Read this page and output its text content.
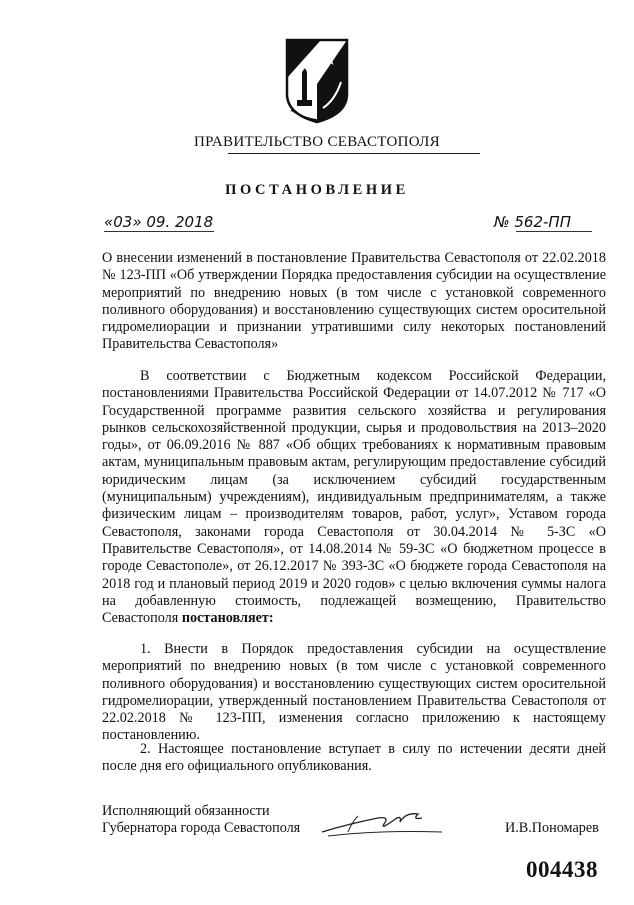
ПРАВИТЕЛЬСТВО СЕВАСТОПОЛЯ
ПОСТАНОВЛЕНИЕ
«03» 09. 2018	№ 562-ПП
О внесении изменений в постановление Правительства Севастополя от 22.02.2018 № 123-ПП «Об утверждении Порядка предоставления субсидии на осуществление мероприятий по внедрению новых (в том числе с установкой современного поливного оборудования) и восстановлению существующих систем оросительной гидромелиорации и признании утратившими силу некоторых постановлений Правительства Севастополя»
В соответствии с Бюджетным кодексом Российской Федерации, постановлениями Правительства Российской Федерации от 14.07.2012 № 717 «О Государственной программе развития сельского хозяйства и регулирования рынков сельскохозяйственной продукции, сырья и продовольствия на 2013–2020 годы», от 06.09.2016 № 887 «Об общих требованиях к нормативным правовым актам, муниципальным правовым актам, регулирующим предоставление субсидий юридическим лицам (за исключением субсидий государственным (муниципальным) учреждениям), индивидуальным предпринимателям, а также физическим лицам – производителям товаров, работ, услуг», Уставом города Севастополя, законами города Севастополя от 30.04.2014 № 5-ЗС «О Правительстве Севастополя», от 14.08.2014 № 59-ЗС «О бюджетном процессе в городе Севастополе», от 26.12.2017 № 393-ЗС «О бюджете города Севастополя на 2018 год и плановый период 2019 и 2020 годов» с целью включения суммы налога на добавленную стоимость, подлежащей возмещению, Правительство Севастополя постановляет:
1. Внести в Порядок предоставления субсидии на осуществление мероприятий по внедрению новых (в том числе с установкой современного поливного оборудования) и восстановлению существующих систем оросительной гидромелиорации, утвержденный постановлением Правительства Севастополя от 22.02.2018 № 123-ПП, изменения согласно приложению к настоящему постановлению.
2. Настоящее постановление вступает в силу по истечении десяти дней после дня его официального опубликования.
Исполняющий обязанности
Губернатора города Севастополя	И.В.Пономарев
004438
